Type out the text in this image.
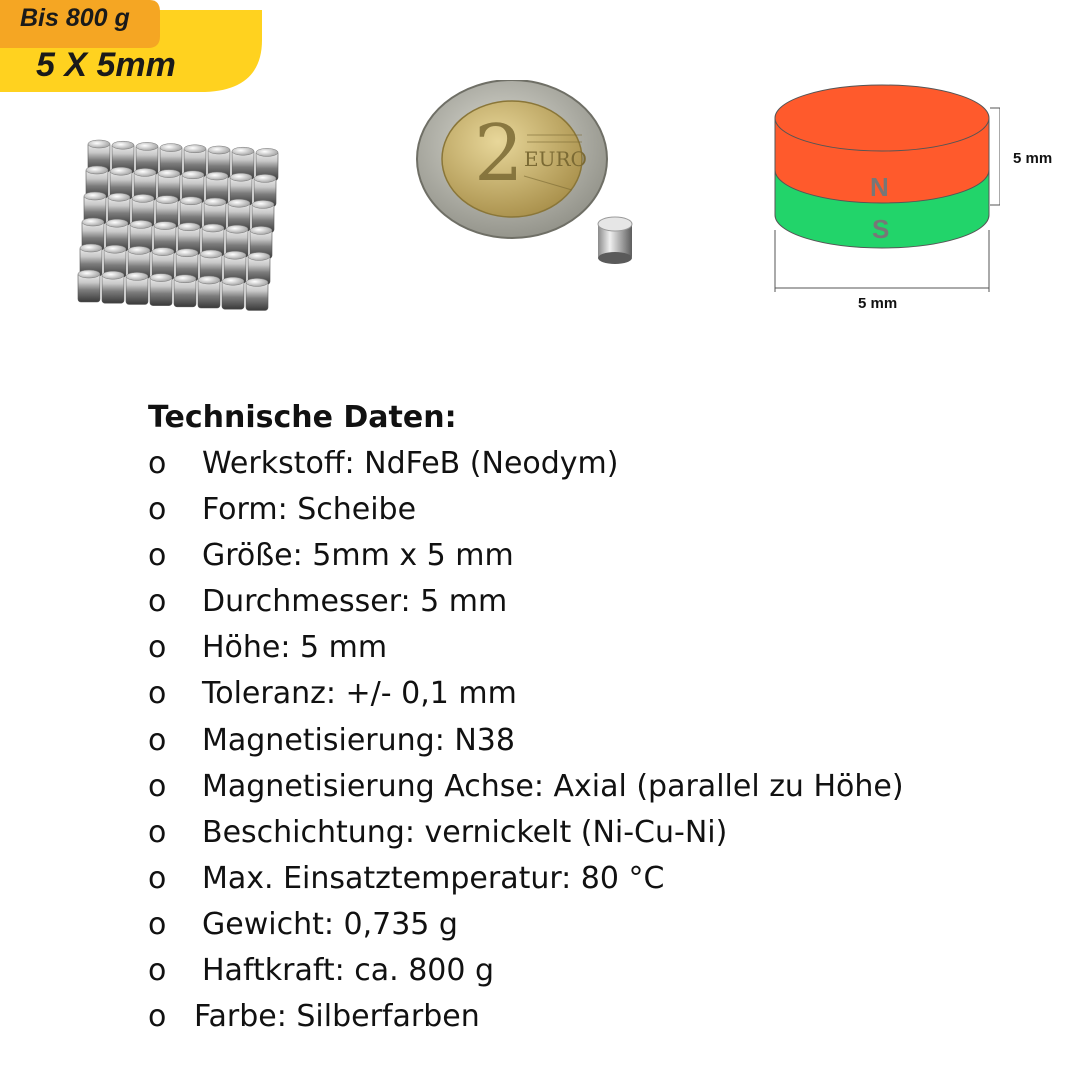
Bis 800 g
5 X 5mm
2 EURO
N
S
5 mm
5 mm
Technische Daten:
o Werkstoff: NdFeB (Neodym)
o Form: Scheibe
o Größe: 5mm x 5 mm
o Durchmesser: 5 mm
o Höhe: 5 mm
o Toleranz: +/- 0,1 mm
o Magnetisierung: N38
o Magnetisierung Achse: Axial (parallel zu Höhe)
o Beschichtung: vernickelt (Ni-Cu-Ni)
o Max. Einsatztemperatur: 80 °C
o Gewicht: 0,735 g
o Haftkraft: ca. 800 g
o Farbe: Silberfarben
